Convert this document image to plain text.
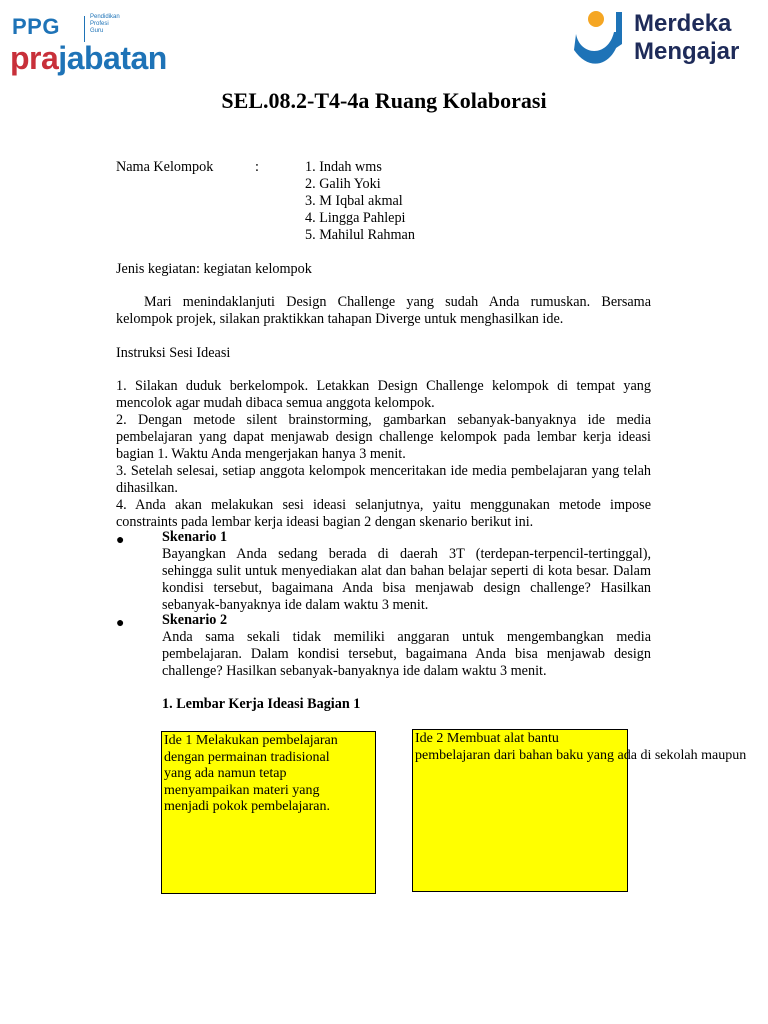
PPG	Pendidikan
Profesi
Guru
prajabatan
Merdeka
Mengajar
SEL.08.2-T4-4a Ruang Kolaborasi
Nama Kelompok	:	1. Indah wms
2. Galih Yoki
3. M Iqbal akmal
4. Lingga Pahlepi
5. Mahilul Rahman
Jenis kegiatan: kegiatan kelompok
Mari menindaklanjuti Design Challenge yang sudah Anda rumuskan. Bersama
kelompok projek, silakan praktikkan tahapan Diverge untuk menghasilkan ide.
Instruksi Sesi Ideasi
1. Silakan duduk berkelompok. Letakkan Design Challenge kelompok di tempat yang mencolok agar mudah dibaca semua anggota kelompok.
2. Dengan metode silent brainstorming, gambarkan sebanyak-banyaknya ide media pembelajaran yang dapat menjawab design challenge kelompok pada lembar kerja ideasi bagian 1. Waktu Anda mengerjakan hanya 3 menit.
3. Setelah selesai, setiap anggota kelompok menceritakan ide media pembelajaran yang telah dihasilkan.
4. Anda akan melakukan sesi ideasi selanjutnya, yaitu menggunakan metode impose constraints pada lembar kerja ideasi bagian 2 dengan skenario berikut ini.
●	Skenario 1
Bayangkan Anda sedang berada di daerah 3T (terdepan-terpencil-tertinggal), sehingga sulit untuk menyediakan alat dan bahan belajar seperti di kota besar. Dalam kondisi tersebut, bagaimana Anda bisa menjawab design challenge? Hasilkan sebanyak-banyaknya ide dalam waktu 3 menit.
●	Skenario 2
Anda sama sekali tidak memiliki anggaran untuk mengembangkan media pembelajaran. Dalam kondisi tersebut, bagaimana Anda bisa menjawab design challenge? Hasilkan sebanyak-banyaknya ide dalam waktu 3 menit.
1. Lembar Kerja Ideasi Bagian 1
Ide 1 Melakukan pembelajaran
dengan permainan tradisional
yang ada namun tetap
menyampaikan materi yang
menjadi pokok pembelajaran.
Ide 2 Membuat alat bantu
pembelajaran dari bahan baku yang ada di sekolah maupun
